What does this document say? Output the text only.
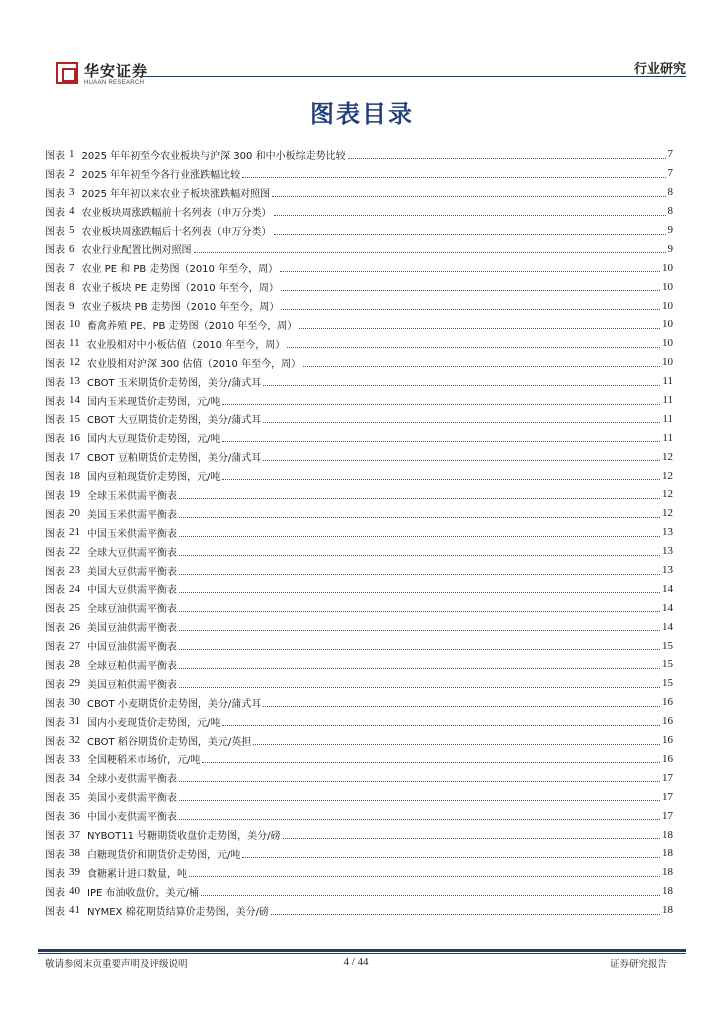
华安证券
HUAAN RESEARCH
行业研究
图表目录
图表 1 2025 年年初至今农业板块与沪深 300 和中小板综走势比较	7
图表 2 2025 年年初至今各行业涨跌幅比较	7
图表 3 2025 年年初以来农业子板块涨跌幅对照图	8
图表 4 农业板块周涨跌幅前十名列表（申万分类）	8
图表 5 农业板块周涨跌幅后十名列表（申万分类）	9
图表 6 农业行业配置比例对照图	9
图表 7 农业 PE 和 PB 走势图（2010 年至今，周）	10
图表 8 农业子板块 PE 走势图（2010 年至今，周）	10
图表 9 农业子板块 PB 走势图（2010 年至今，周）	10
图表 10 畜禽养殖 PE、PB 走势图（2010 年至今，周）	10
图表 11 农业股相对中小板估值（2010 年至今，周）	10
图表 12 农业股相对沪深 300 估值（2010 年至今，周）	10
图表 13 CBOT 玉米期货价走势图，美分/蒲式耳	11
图表 14 国内玉米现货价走势图，元/吨	11
图表 15 CBOT 大豆期货价走势图，美分/蒲式耳	11
图表 16 国内大豆现货价走势图，元/吨	11
图表 17 CBOT 豆粕期货价走势图，美分/蒲式耳	12
图表 18 国内豆粕现货价走势图，元/吨	12
图表 19 全球玉米供需平衡表	12
图表 20 美国玉米供需平衡表	12
图表 21 中国玉米供需平衡表	13
图表 22 全球大豆供需平衡表	13
图表 23 美国大豆供需平衡表	13
图表 24 中国大豆供需平衡表	14
图表 25 全球豆油供需平衡表	14
图表 26 美国豆油供需平衡表	14
图表 27 中国豆油供需平衡表	15
图表 28 全球豆粕供需平衡表	15
图表 29 美国豆粕供需平衡表	15
图表 30 CBOT 小麦期货价走势图，美分/蒲式耳	16
图表 31 国内小麦现货价走势图，元/吨	16
图表 32 CBOT 稻谷期货价走势图，美元/英担	16
图表 33 全国粳稻米市场价，元/吨	16
图表 34 全球小麦供需平衡表	17
图表 35 美国小麦供需平衡表	17
图表 36 中国小麦供需平衡表	17
图表 37 NYBOT11 号糖期货收盘价走势图，美分/磅	18
图表 38 白糖现货价和期货价走势图，元/吨	18
图表 39 食糖累计进口数量，吨	18
图表 40 IPE 布油收盘价，美元/桶	18
图表 41 NYMEX 棉花期货结算价走势图，美分/磅	18
敬请参阅末页重要声明及评级说明	4 / 44	证券研究报告
